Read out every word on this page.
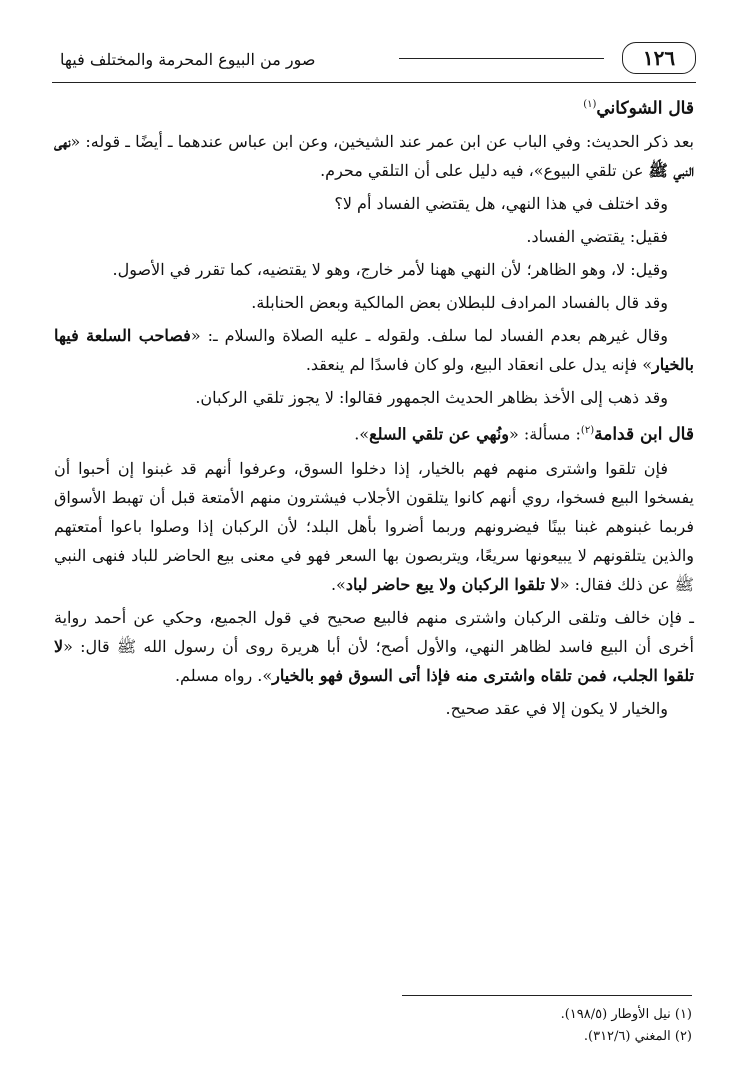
١٢٦
صور من البيوع المحرمة والمختلف فيها

قال الشوكاني$^{(١)}$

بعد ذكر الحديث: وفي الباب عن ابن عمر عند الشيخين، وعن ابن عباس عندهما ـ أيضًا ـ قوله: «نهى النبي ﷺ عن تلقي البيوع»، فيه دليل على أن التلقي محرم.

وقد اختلف في هذا النهي، هل يقتضي الفساد أم لا؟

فقيل: يقتضي الفساد.

وقيل: لا، وهو الظاهر؛ لأن النهي ههنا لأمر خارج، وهو لا يقتضيه، كما تقرر في الأصول.

وقد قال بالفساد المرادف للبطلان بعض المالكية وبعض الحنابلة.

وقال غيرهم بعدم الفساد لما سلف. ولقوله ـ عليه الصلاة والسلام ـ: «فصاحب السلعة فيها بالخيار» فإنه يدل على انعقاد البيع، ولو كان فاسدًا لم ينعقد.

وقد ذهب إلى الأخذ بظاهر الحديث الجمهور فقالوا: لا يجوز تلقي الركبان.

قال ابن قدامة$^{(٢)}$: مسألة: «ونُهي عن تلقي السلع».

فإن تلقوا واشترى منهم فهم بالخيار، إذا دخلوا السوق، وعرفوا أنهم قد غبنوا إن أحبوا أن يفسخوا البيع فسخوا، روي أنهم كانوا يتلقون الأجلاب فيشترون منهم الأمتعة قبل أن تهبط الأسواق فربما غبنوهم غبنا بينًا فيضرونهم وربما أضروا بأهل البلد؛ لأن الركبان إذا وصلوا باعوا أمتعتهم والذين يتلقونهم لا يبيعونها سريعًا، ويتربصون بها السعر فهو في معنى بيع الحاضر للباد فنهى النبي ﷺ عن ذلك فقال: «لا تلقوا الركبان ولا يبع حاضر لباد».

ـ فإن خالف وتلقى الركبان واشترى منهم فالبيع صحيح في قول الجميع، وحكي عن أحمد رواية أخرى أن البيع فاسد لظاهر النهي، والأول أصح؛ لأن أبا هريرة روى أن رسول الله ﷺ قال: «لا تلقوا الجلب، فمن تلقاه واشترى منه فإذا أتى السوق فهو بالخيار». رواه مسلم.

والخيار لا يكون إلا في عقد صحيح.

(١) نيل الأوطار (١٩٨/٥).
(٢) المغني (٣١٢/٦).
